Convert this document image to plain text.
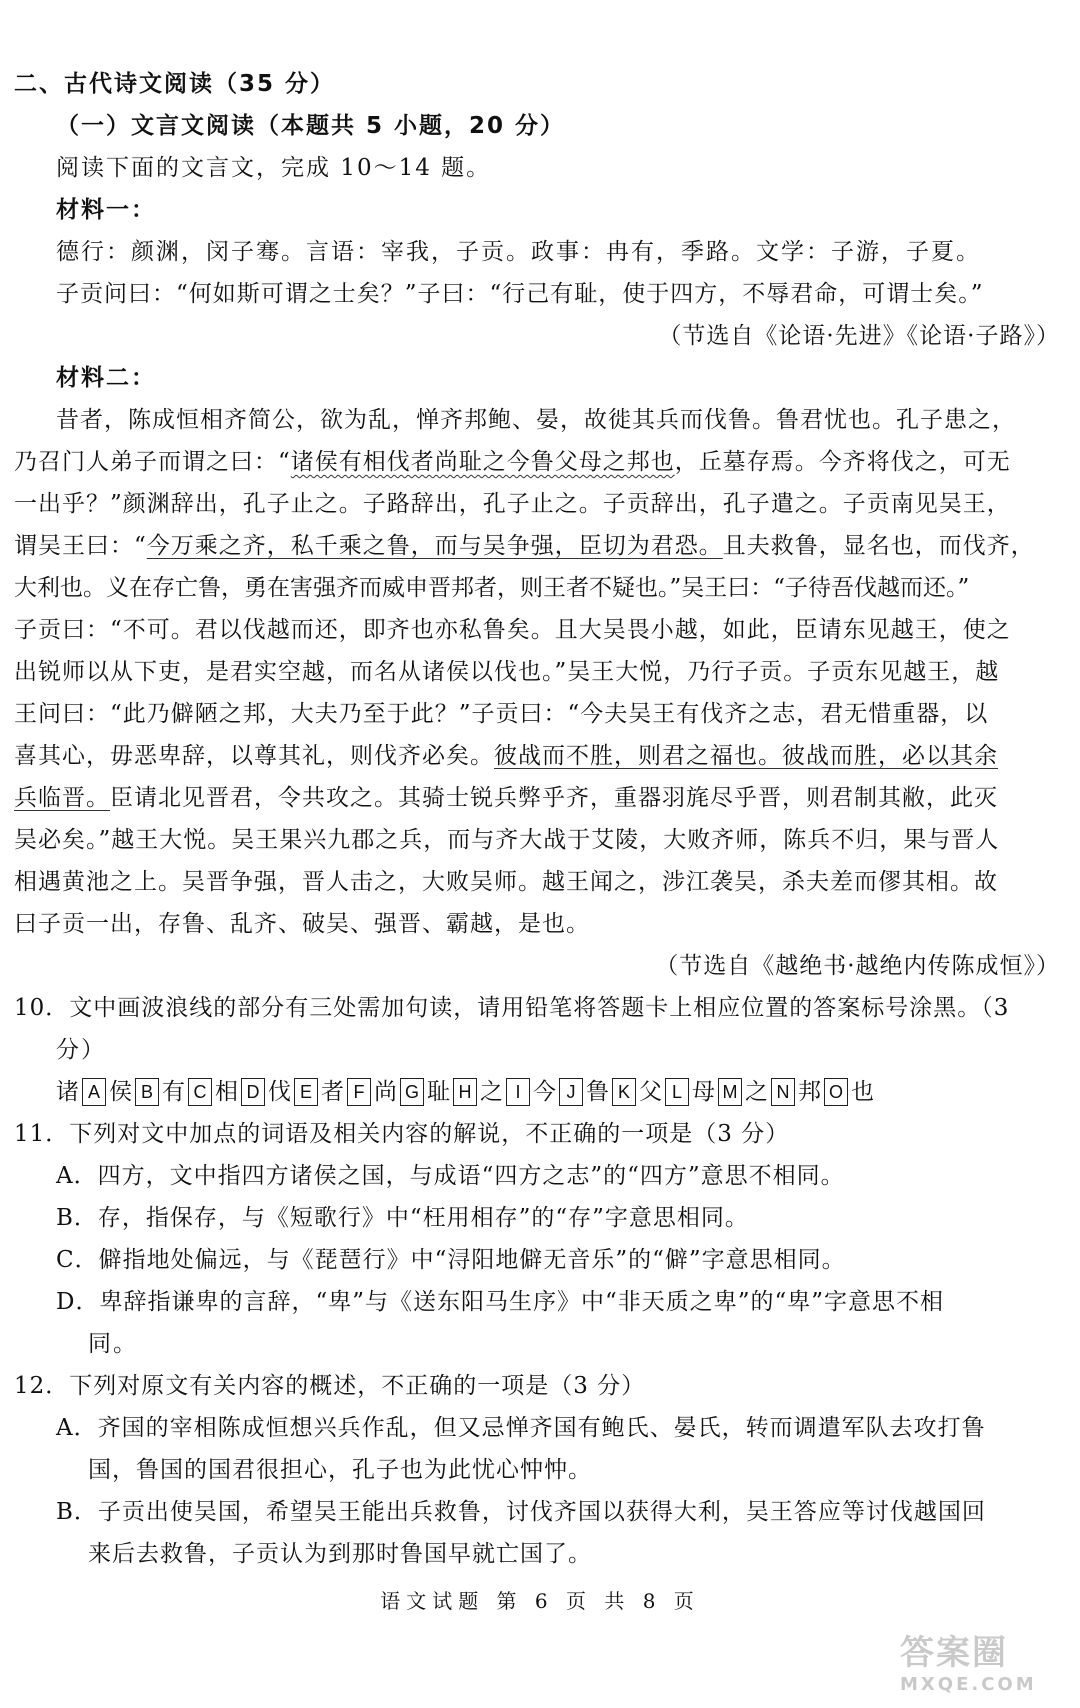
二、古代诗文阅读（35 分）
（一）文言文阅读（本题共 5 小题，20 分）
阅读下面的文言文，完成 10～14 题。
材料一：
德行：颜渊，闵子骞。言语：宰我，子贡。政事：冉有，季路。文学：子游，子夏。
子贡问曰：“何如斯可谓之士矣？”子曰：“行己有耻，使于四方，不辱君命，可谓士矣。”
（节选自《论语·先进》《论语·子路》）
材料二：
昔者，陈成恒相齐简公，欲为乱，惮齐邦鲍、晏，故徙其兵而伐鲁。鲁君忧也。孔子患之，
乃召门人弟子而谓之曰：“诸侯有相伐者尚耻之今鲁父母之邦也，丘墓存焉。今齐将伐之，可无
一出乎？”颜渊辞出，孔子止之。子路辞出，孔子止之。子贡辞出，孔子遣之。子贡南见吴王，
谓吴王曰：“今万乘之齐，私千乘之鲁，而与吴争强，臣切为君恐。且夫救鲁，显名也，而伐齐，
大利也。义在存亡鲁，勇在害强齐而威申晋邦者，则王者不疑也。”吴王曰：“子待吾伐越而还。”
子贡曰：“不可。君以伐越而还，即齐也亦私鲁矣。且大吴畏小越，如此，臣请东见越王，使之
出锐师以从下吏，是君实空越，而名从诸侯以伐也。”吴王大悦，乃行子贡。子贡东见越王，越
王问曰：“此乃僻陋之邦，大夫乃至于此？”子贡曰：“今夫吴王有伐齐之志，君无惜重器，以
喜其心，毋恶卑辞，以尊其礼，则伐齐必矣。彼战而不胜，则君之福也。彼战而胜，必以其余
兵临晋。臣请北见晋君，令共攻之。其骑士锐兵弊乎齐，重器羽旄尽乎晋，则君制其敝，此灭
吴必矣。”越王大悦。吴王果兴九郡之兵，而与齐大战于艾陵，大败齐师，陈兵不归，果与晋人
相遇黄池之上。吴晋争强，晋人击之，大败吴师。越王闻之，涉江袭吴，杀夫差而僇其相。故
曰子贡一出，存鲁、乱齐、破吴、强晋、霸越，是也。
（节选自《越绝书·越绝内传陈成恒》）
10．文中画波浪线的部分有三处需加句读，请用铅笔将答题卡上相应位置的答案标号涂黑。（3
分）
诸 A 侯 B 有 C 相 D 伐 E 者 F 尚 G 耻 H 之 I 今 J 鲁 K 父 L 母 M 之 N 邦 O 也
11．下列对文中加点的词语及相关内容的解说，不正确的一项是（3 分）
A．四方，文中指四方诸侯之国，与成语“四方之志”的“四方”意思不相同。
B．存，指保存，与《短歌行》中“枉用相存”的“存”字意思相同。
C．僻指地处偏远，与《琵琶行》中“浔阳地僻无音乐”的“僻”字意思相同。
D．卑辞指谦卑的言辞，“卑”与《送东阳马生序》中“非天质之卑”的“卑”字意思不相
同。
12．下列对原文有关内容的概述，不正确的一项是（3 分）
A．齐国的宰相陈成恒想兴兵作乱，但又忌惮齐国有鲍氏、晏氏，转而调遣军队去攻打鲁
国，鲁国的国君很担心，孔子也为此忧心忡忡。
B．子贡出使吴国，希望吴王能出兵救鲁，讨伐齐国以获得大利，吴王答应等讨伐越国回
来后去救鲁，子贡认为到那时鲁国早就亡国了。
语文试题 第 6 页 共 8 页
答案圈
MXQE.COM
